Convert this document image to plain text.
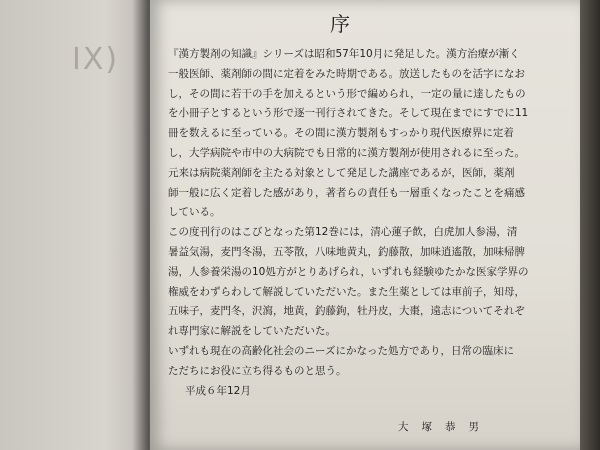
IX)
序

『漢方製剤の知識』シリーズは昭和57年10月に発足した。漢方治療が漸く
一般医師、薬剤師の間に定着をみた時期である。放送したものを活字になお
し，その間に若干の手を加えるという形で編められ，一定の量に達したもの
を小冊子とするという形で逐一刊行されてきた。そして現在までにすでに11
冊を数えるに至っている。その間に漢方製剤もすっかり現代医療界に定着
し，大学病院や市中の大病院でも日常的に漢方製剤が使用されるに至った。

元来は病院薬剤師を主たる対象として発足した講座であるが，医師，薬剤
師一般に広く定着した感があり，著者らの責任も一層重くなったことを痛感
している。

この度刊行のはこびとなった第12巻には，清心蓮子飲，白虎加人参湯，清
暑益気湯，麦門冬湯，五苓散，八味地黄丸，釣藤散，加味逍遙散，加味帰脾
湯，人参養栄湯の10処方がとりあげられ，いずれも経験ゆたかな医家学界の
権威をわずらわして解説していただいた。また生薬としては車前子，知母，
五味子，麦門冬，沢瀉，地黄，釣藤鉤，牡丹皮，大棗，遠志についてそれぞ
れ専門家に解説をしていただいた。

いずれも現在の高齢化社会のニーズにかなった処方であり，日常の臨床に
ただちにお役に立ち得るものと思う。

平成６年12月
大塚恭男
